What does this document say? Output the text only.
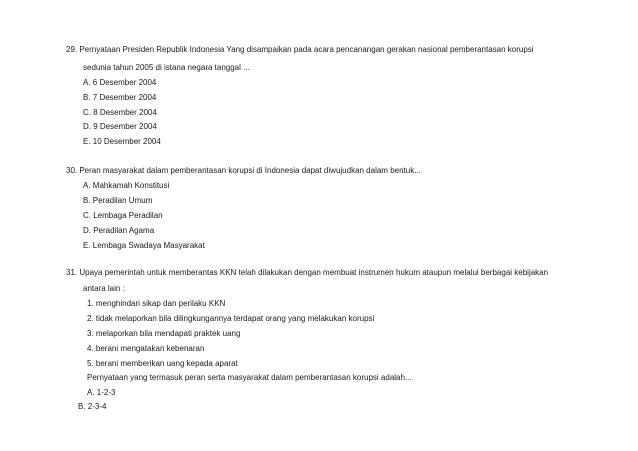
29. Pernyataan Presiden Republik Indonesia Yang disampaikan pada acara pencanangan gerakan nasional pemberantasan korupsi
sedunia tahun 2005 di istana negara tanggal ...
A. 6 Desember 2004
B. 7 Desember 2004
C. 8 Desember 2004
D. 9 Desember 2004
E. 10 Desember 2004
30. Peran masyarakat dalam pemberantasan korupsi di Indonesia dapat diwujudkan dalam bentuk...
A. Mahkamah Konstitusi
B. Peradilan Umum
C. Lembaga Peradilan
D. Peradilan Agama
E. Lembaga Swadaya Masyarakat
31. Upaya pemerintah untuk memberantas KKN telah dilakukan dengan membuat instrumen hukum ataupun melalui berbagai kebijakan
antara lain :
1. menghindari sikap dan perilaku KKN
2. tidak melaporkan bila dilingkungannya terdapat orang yang melakukan korupsi
3. melaporkan bila mendapati praktek uang
4. berani mengatakan kebenaran
5. berani memberikan uang kepada aparat
Pernyataan yang termasuk peran serta masyarakat dalam pemberantasan korupsi adalah...
A. 1-2-3
B. 2-3-4
